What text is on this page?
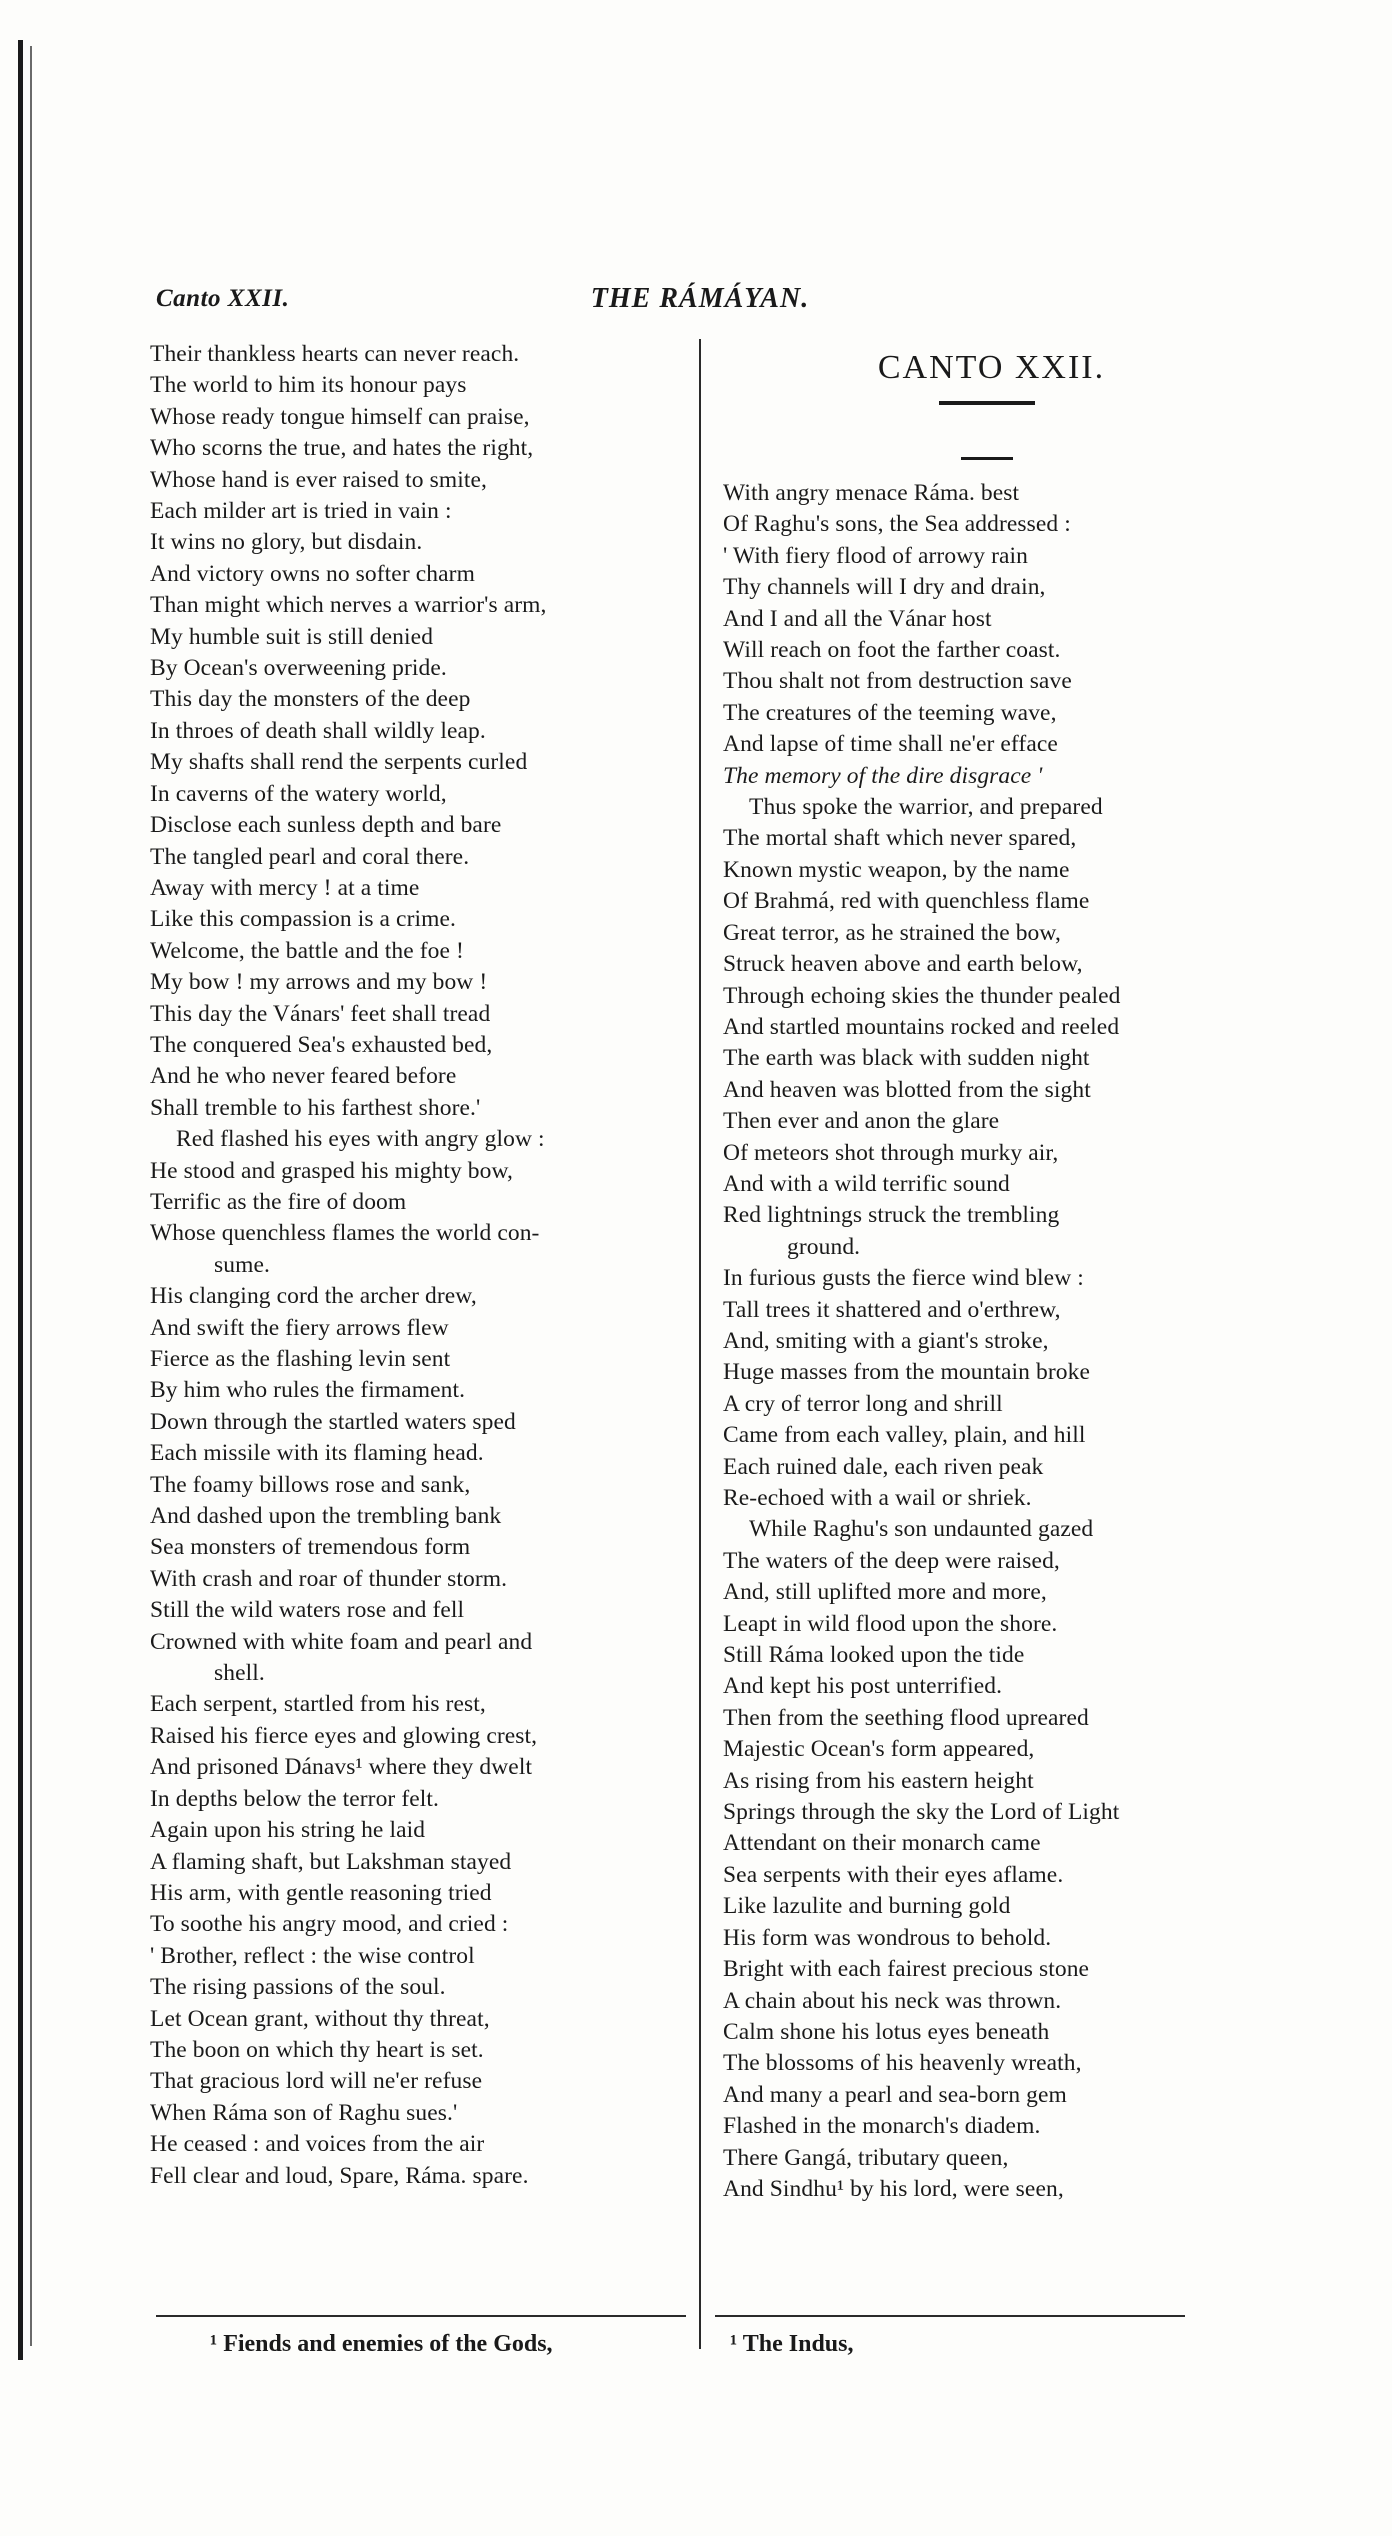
Canto XXII.	THE RÁMÁYAN.
Their thankless hearts can never reach.
The world to him its honour pays
Whose ready tongue himself can praise,
Who scorns the true, and hates the right,
Whose hand is ever raised to smite,
Each milder art is tried in vain :
It wins no glory, but disdain.
And victory owns no softer charm
Than might which nerves a warrior's arm,
My humble suit is still denied
By Ocean's overweening pride.
This day the monsters of the deep
In throes of death shall wildly leap.
My shafts shall rend the serpents curled
In caverns of the watery world,
Disclose each sunless depth and bare
The tangled pearl and coral there.
Away with mercy ! at a time
Like this compassion is a crime.
Welcome, the battle and the foe !
My bow ! my arrows and my bow !
This day the Vánars' feet shall tread
The conquered Sea's exhausted bed,
And he who never feared before
Shall tremble to his farthest shore.'
Red flashed his eyes with angry glow :
He stood and grasped his mighty bow,
Terrific as the fire of doom
Whose quenchless flames the world con-
sume.
His clanging cord the archer drew,
And swift the fiery arrows flew
Fierce as the flashing levin sent
By him who rules the firmament.
Down through the startled waters sped
Each missile with its flaming head.
The foamy billows rose and sank,
And dashed upon the trembling bank
Sea monsters of tremendous form
With crash and roar of thunder storm.
Still the wild waters rose and fell
Crowned with white foam and pearl and
shell.
Each serpent, startled from his rest,
Raised his fierce eyes and glowing crest,
And prisoned Dánavs¹ where they dwelt
In depths below the terror felt.
Again upon his string he laid
A flaming shaft, but Lakshman stayed
His arm, with gentle reasoning tried
To soothe his angry mood, and cried :
' Brother, reflect : the wise control
The rising passions of the soul.
Let Ocean grant, without thy threat,
The boon on which thy heart is set.
That gracious lord will ne'er refuse
When Ráma son of Raghu sues.'
He ceased : and voices from the air
Fell clear and loud, Spare, Ráma. spare.
CANTO XXII.
With angry menace Ráma. best
Of Raghu's sons, the Sea addressed :
' With fiery flood of arrowy rain
Thy channels will I dry and drain,
And I and all the Vánar host
Will reach on foot the farther coast.
Thou shalt not from destruction save
The creatures of the teeming wave,
And lapse of time shall ne'er efface
The memory of the dire disgrace '
Thus spoke the warrior, and prepared
The mortal shaft which never spared,
Known mystic weapon, by the name
Of Brahmá, red with quenchless flame
Great terror, as he strained the bow,
Struck heaven above and earth below,
Through echoing skies the thunder pealed
And startled mountains rocked and reeled
The earth was black with sudden night
And heaven was blotted from the sight
Then ever and anon the glare
Of meteors shot through murky air,
And with a wild terrific sound
Red lightnings struck the trembling
ground.
In furious gusts the fierce wind blew :
Tall trees it shattered and o'erthrew,
And, smiting with a giant's stroke,
Huge masses from the mountain broke
A cry of terror long and shrill
Came from each valley, plain, and hill
Each ruined dale, each riven peak
Re-echoed with a wail or shriek.
While Raghu's son undaunted gazed
The waters of the deep were raised,
And, still uplifted more and more,
Leapt in wild flood upon the shore.
Still Ráma looked upon the tide
And kept his post unterrified.
Then from the seething flood upreared
Majestic Ocean's form appeared,
As rising from his eastern height
Springs through the sky the Lord of Light
Attendant on their monarch came
Sea serpents with their eyes aflame.
Like lazulite and burning gold
His form was wondrous to behold.
Bright with each fairest precious stone
A chain about his neck was thrown.
Calm shone his lotus eyes beneath
The blossoms of his heavenly wreath,
And many a pearl and sea-born gem
Flashed in the monarch's diadem.
There Gangá, tributary queen,
And Sindhu¹ by his lord, were seen,
¹ Fiends and enemies of the Gods,	¹ The Indus,
